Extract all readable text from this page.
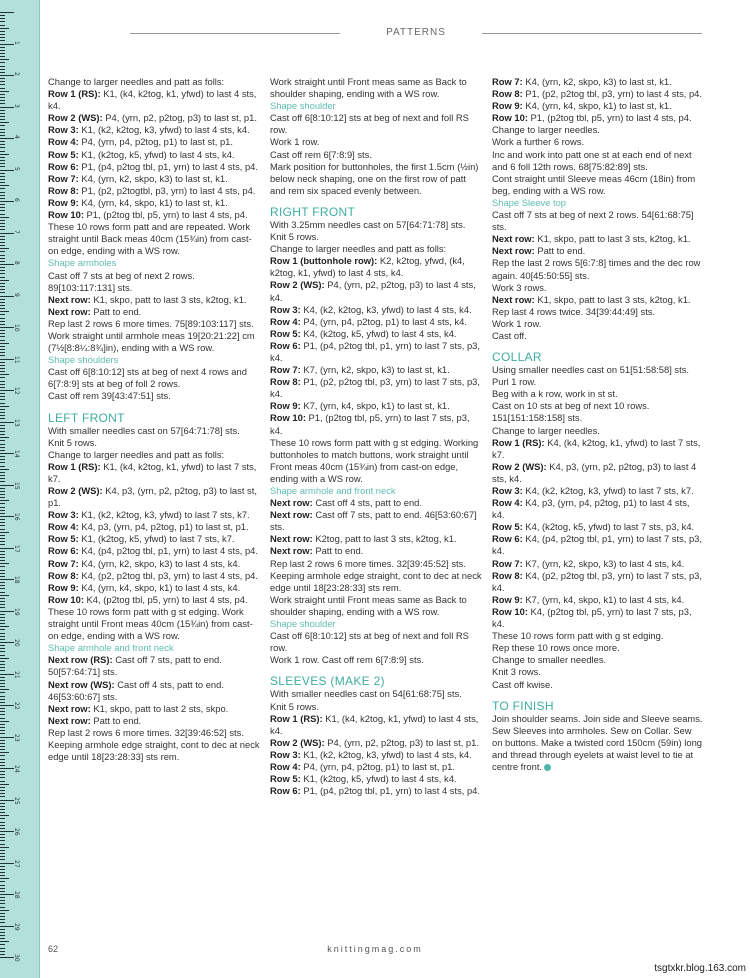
1
2
3
4
5
6
7
8
9
10
11
12
13
14
15
16
17
18
19
20
21
22
23
24
25
26
27
28
29
30
PATTERNS

Change to larger needles and patt as folls:

Row 1 (RS): K1, (k4, k2tog, k1, yfwd) to last 4 sts, k4.

Row 2 (WS): P4, (yrn, p2, p2tog, p3) to last st, p1.

Row 3: K1, (k2, k2tog, k3, yfwd) to last 4 sts, k4.

Row 4: P4, (yrn, p4, p2tog, p1) to last st, p1.

Row 5: K1, (k2tog, k5, yfwd) to last 4 sts, k4.

Row 6: P1, (p4, p2tog tbl, p1, yrn) to last 4 sts, p4.

Row 7: K4, (yrn, k2, skpo, k3) to last st, k1.

Row 8: P1, (p2, p2togtbl, p3, yrn) to last 4 sts, p4.

Row 9: K4, (yrn, k4, skpo, k1) to last st, k1.

Row 10: P1, (p2tog tbl, p5, yrn) to last 4 sts, p4.

These 10 rows form patt and are repeated. Work straight until Back meas 40cm (15¾in) from cast-on edge, ending with a WS row.

Shape armholes

Cast off 7 sts at beg of next 2 rows. 89[103:117:131] sts.

Next row: K1, skpo, patt to last 3 sts, k2tog, k1.

Next row: Patt to end.

Rep last 2 rows 6 more times. 75[89:103:117] sts.

Work straight until armhole meas 19[20:21:22] cm (7½[8:8¼:8¾]in), ending with a WS row.

Shape shoulders

Cast off 6[8:10:12] sts at beg of next 4 rows and 6[7:8:9] sts at beg of foll 2 rows.

Cast off rem 39[43:47:51] sts.

LEFT FRONT

With smaller needles cast on 57[64:71:78] sts.

Knit 5 rows.

Change to larger needles and patt as folls:

Row 1 (RS): K1, (k4, k2tog, k1, yfwd) to last 7 sts, k7.

Row 2 (WS): K4, p3, (yrn, p2, p2tog, p3) to last st, p1.

Row 3: K1, (k2, k2tog, k3, yfwd) to last 7 sts, k7.

Row 4: K4, p3, (yrn, p4, p2tog, p1) to last st, p1.

Row 5: K1, (k2tog, k5, yfwd) to last 7 sts, k7.

Row 6: K4, (p4, p2tog tbl, p1, yrn) to last 4 sts, p4.

Row 7: K4, (yrn, k2, skpo, k3) to last 4 sts, k4.

Row 8: K4, (p2, p2tog tbl, p3, yrn) to last 4 sts, p4.

Row 9: K4, (yrn, k4, skpo, k1) to last 4 sts, k4.

Row 10: K4, (p2tog tbl, p5, yrn) to last 4 sts, p4.

These 10 rows form patt with g st edging. Work straight until Front meas 40cm (15¾in) from cast-on edge, ending with a WS row.

Shape armhole and front neck

Next row (RS): Cast off 7 sts, patt to end. 50[57:64:71] sts.

Next row (WS): Cast off 4 sts, patt to end. 46[53:60:67] sts.

Next row: K1, skpo, patt to last 2 sts, skpo.

Next row: Patt to end.

Rep last 2 rows 6 more times. 32[39:46:52] sts.

Keeping armhole edge straight, cont to dec at neck edge until 18[23:28:33] sts rem.

Work straight until Front meas same as Back to shoulder shaping, ending with a WS row.

Shape shoulder

Cast off 6[8:10:12] sts at beg of next and foll RS row.

Work 1 row.

Cast off rem 6[7:8:9] sts.

Mark position for buttonholes, the first 1.5cm (½in) below neck shaping, one on the first row of patt and rem six spaced evenly between.

RIGHT FRONT

With 3.25mm needles cast on 57[64:71:78] sts.

Knit 5 rows.

Change to larger needles and patt as folls:

Row 1 (buttonhole row): K2, k2tog, yfwd, (k4, k2tog, k1, yfwd) to last 4 sts, k4.

Row 2 (WS): P4, (yrn, p2, p2tog, p3) to last 4 sts, k4.

Row 3: K4, (k2, k2tog, k3, yfwd) to last 4 sts, k4.

Row 4: P4, (yrn, p4, p2tog, p1) to last 4 sts, k4.

Row 5: K4, (k2tog, k5, yfwd) to last 4 sts, k4.

Row 6: P1, (p4, p2tog tbl, p1, yrn) to last 7 sts, p3, k4.

Row 7: K7, (yrn, k2, skpo, k3) to last st, k1.

Row 8: P1, (p2, p2tog tbl, p3, yrn) to last 7 sts, p3, k4.

Row 9: K7, (yrn, k4, skpo, k1) to last st, k1.

Row 10: P1, (p2tog tbl, p5, yrn) to last 7 sts, p3, k4.

These 10 rows form patt with g st edging. Working buttonholes to match buttons, work straight until Front meas 40cm (15¾in) from cast-on edge, ending with a WS row.

Shape armhole and front neck

Next row: Cast off 4 sts, patt to end.

Next row: Cast off 7 sts, patt to end. 46[53:60:67] sts.

Next row: K2tog, patt to last 3 sts, k2tog, k1.

Next row: Patt to end.

Rep last 2 rows 6 more times. 32[39:45:52] sts.

Keeping armhole edge straight, cont to dec at neck edge until 18[23:28:33] sts rem.

Work straight until Front meas same as Back to shoulder shaping, ending with a WS row.

Shape shoulder

Cast off 6[8:10:12] sts at beg of next and foll RS row.

Work 1 row. Cast off rem 6[7:8:9] sts.

SLEEVES (MAKE 2)

With smaller needles cast on 54[61:68:75] sts.

Knit 5 rows.

Row 1 (RS): K1, (k4, k2tog, k1, yfwd) to last 4 sts, k4.

Row 2 (WS): P4, (yrn, p2, p2tog, p3) to last st, p1.

Row 3: K1, (k2, k2tog, k3, yfwd) to last 4 sts, k4.

Row 4: P4, (yrn, p4, p2tog, p1) to last st, p1.

Row 5: K1, (k2tog, k5, yfwd) to last 4 sts, k4.

Row 6: P1, (p4, p2tog tbl, p1, yrn) to last 4 sts, p4.

Row 7: K4, (yrn, k2, skpo, k3) to last st, k1.

Row 8: P1, (p2, p2tog tbl, p3, yrn) to last 4 sts, p4.

Row 9: K4, (yrn, k4, skpo, k1) to last st, k1.

Row 10: P1, (p2tog tbl, p5, yrn) to last 4 sts, p4.

Change to larger needles.

Work a further 6 rows.

Inc and work into patt one st at each end of next and 6 foll 12th rows. 68[75:82:89] sts.

Cont straight until Sleeve meas 46cm (18in) from beg, ending with a WS row.

Shape Sleeve top

Cast off 7 sts at beg of next 2 rows. 54[61:68:75] sts.

Next row: K1, skpo, patt to last 3 sts, k2tog, k1.

Next row: Patt to end.

Rep the last 2 rows 5[6:7:8] times and the dec row again. 40[45:50:55] sts.

Work 3 rows.

Next row: K1, skpo, patt to last 3 sts, k2tog, k1.

Rep last 4 rows twice. 34[39:44:49] sts.

Work 1 row.

Cast off.

COLLAR

Using smaller needles cast on 51[51:58:58] sts.

Purl 1 row.

Beg with a k row, work in st st.

Cast on 10 sts at beg of next 10 rows. 151[151:158:158] sts.

Change to larger needles.

Row 1 (RS): K4, (k4, k2tog, k1, yfwd) to last 7 sts, k7.

Row 2 (WS): K4, p3, (yrn, p2, p2tog, p3) to last 4 sts, k4.

Row 3: K4, (k2, k2tog, k3, yfwd) to last 7 sts, k7.

Row 4: K4, p3, (yrn, p4, p2tog, p1) to last 4 sts, k4.

Row 5: K4, (k2tog, k5, yfwd) to last 7 sts, p3, k4.

Row 6: K4, (p4, p2tog tbl, p1, yrn) to last 7 sts, p3, k4.

Row 7: K7, (yrn, k2, skpo, k3) to last 4 sts, k4.

Row 8: K4, (p2, p2tog tbl, p3, yrn) to last 7 sts, p3, k4.

Row 9: K7, (yrn, k4, skpo, k1) to last 4 sts, k4.

Row 10: K4, (p2tog tbl, p5, yrn) to last 7 sts, p3, k4.

These 10 rows form patt with g st edging.

Rep these 10 rows once more.

Change to smaller needles.

Knit 3 rows.

Cast off kwise.

TO FINISH

Join shoulder seams. Join side and Sleeve seams. Sew Sleeves into armholes. Sew on Collar. Sew on buttons. Make a twisted cord 150cm (59in) long and thread through eyelets at waist level to tie at centre front.

62	knittingmag.com
tsgtxkr.blog.163.com
